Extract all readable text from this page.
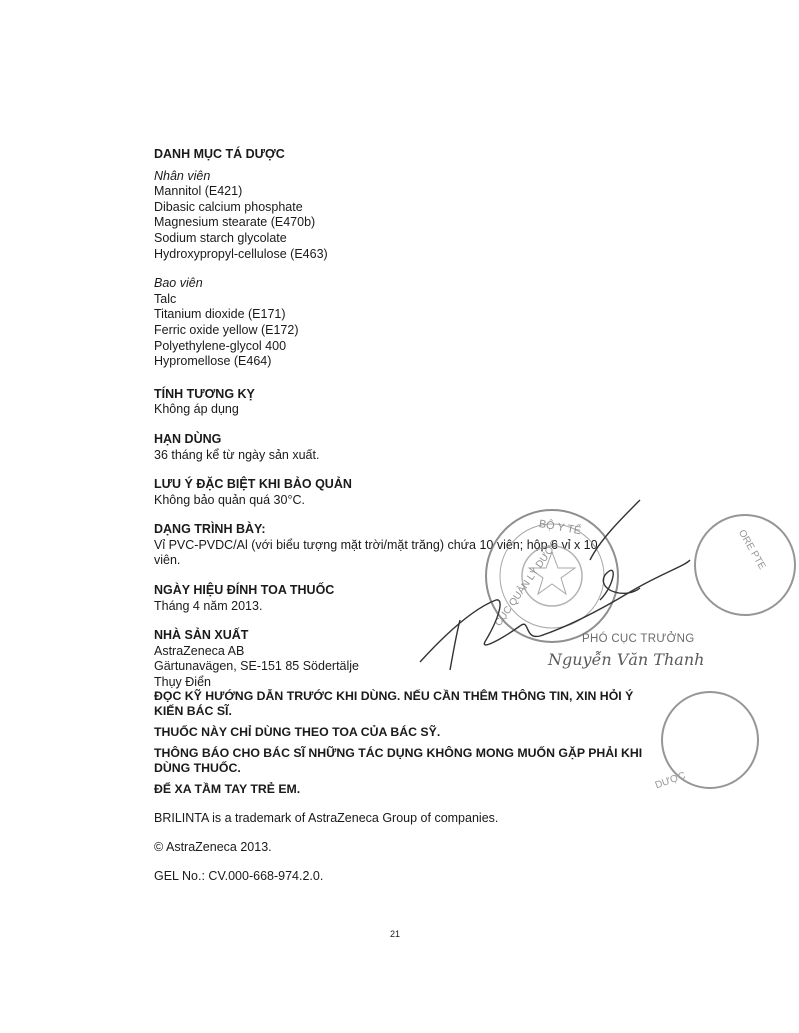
DANH MỤC TÁ DƯỢC

Nhân viên

Mannitol (E421)

Dibasic calcium phosphate

Magnesium stearate (E470b)

Sodium starch glycolate

Hydroxypropyl-cellulose (E463)

Bao viên

Talc

Titanium dioxide (E171)

Ferric oxide yellow (E172)

Polyethylene-glycol 400

Hypromellose (E464)

TÍNH TƯƠNG KỴ

Không áp dụng

HẠN DÙNG

36 tháng kể từ ngày sản xuất.

LƯU Ý ĐẶC BIỆT KHI BẢO QUẢN

Không bảo quản quá 30°C.

DẠNG TRÌNH BÀY:

Vỉ PVC-PVDC/Al (với biểu tượng mặt trời/mặt trăng) chứa 10 viên; hộp 6 vỉ x 10

viên.

NGÀY HIỆU ĐÍNH TOA THUỐC

Tháng 4 năm 2013.

NHÀ SẢN XUẤT

AstraZeneca AB

Gärtunavägen, SE-151 85 Södertälje

Thụy Điển

ĐỌC KỸ HƯỚNG DẪN TRƯỚC KHI DÙNG. NẾU CẦN THÊM THÔNG TIN, XIN HỎI Ý KIẾN BÁC SĨ.

THUỐC NÀY CHỈ DÙNG THEO TOA CỦA BÁC SỸ.

THÔNG BÁO CHO BÁC SĨ NHỮNG TÁC DỤNG KHÔNG MONG MUỐN GẶP PHẢI KHI DÙNG THUỐC.

ĐỂ XA TẦM TAY TRẺ EM.

BRILINTA is a trademark of AstraZeneca Group of companies.

© AstraZeneca 2013.

GEL No.: CV.000-668-974.2.0.

21
BỘ Y TẾ
CỤC QUẢN LÝ DƯỢC	ORE PTE
DƯỢC
PHÓ CỤC TRƯỞNG
Nguyễn Văn Thanh
